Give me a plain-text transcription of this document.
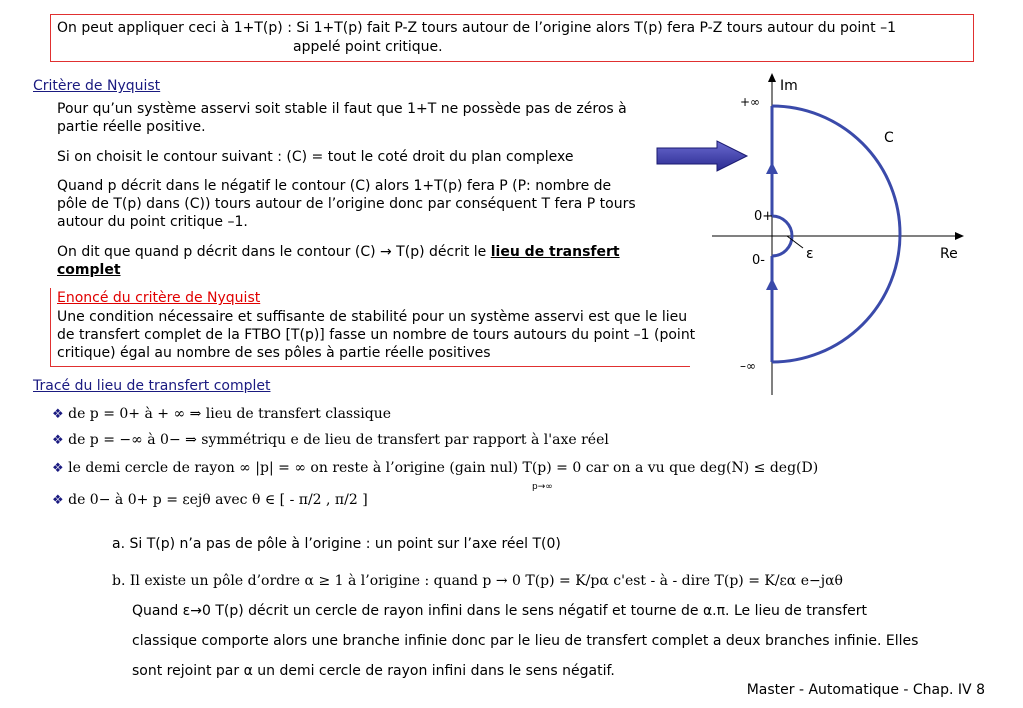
On peut appliquer ceci à 1+T(p) : Si 1+T(p) fait P-Z tours autour de l’origine alors T(p) fera P-Z tours autour du point –1
appelé point critique.
Critère de Nyquist
Pour qu’un système asservi soit stable il faut que 1+T ne possède pas de zéros à partie réelle positive.
Si on choisit le contour suivant : (C) = tout le coté droit du plan complexe
Quand p décrit dans le négatif le contour (C) alors 1+T(p) fera P (P: nombre de pôle de T(p) dans (C)) tours autour de l’origine donc par conséquent T fera P tours autour du point critique –1.
On dit que quand p décrit dans le contour (C) → T(p) décrit le lieu de transfert complet
Enoncé du critère de Nyquist
Une condition nécessaire et suffisante de stabilité pour un système asservi est que le lieu de transfert complet de la FTBO [T(p)] fasse un nombre de tours autours du point –1 (point critique) égal au nombre de ses pôles à partie réelle positives
Im
Re
C
+∞
–∞
0+
0-	ε
Tracé du lieu de transfert complet
❖ de p = 0+ à + ∞ ⇒ lieu de transfert classique
❖ de p = −∞ à 0− ⇒ symmétriqu e de lieu de transfert par rapport à l'axe réel
❖ le demi cercle de rayon ∞ |p| = ∞ on reste à l’origine (gain nul) T(p) = 0 car on a vu que deg(N) ≤ deg(D)
p→∞
❖ de 0− à 0+ p = εejθ avec θ ∈ [ - π/2 , π/2 ]
a. Si T(p) n’a pas de pôle à l’origine : un point sur l’axe réel T(0)
b. Il existe un pôle d’ordre α ≥ 1 à l’origine : quand p → 0 T(p) = K/pα c'est - à - dire T(p) = K/εα e−jαθ
Quand ε→0 T(p) décrit un cercle de rayon infini dans le sens négatif et tourne de α.π. Le lieu de transfert
classique comporte alors une branche infinie donc par le lieu de transfert complet a deux branches infinie. Elles
sont rejoint par α un demi cercle de rayon infini dans le sens négatif.
Master - Automatique - Chap. IV 8
